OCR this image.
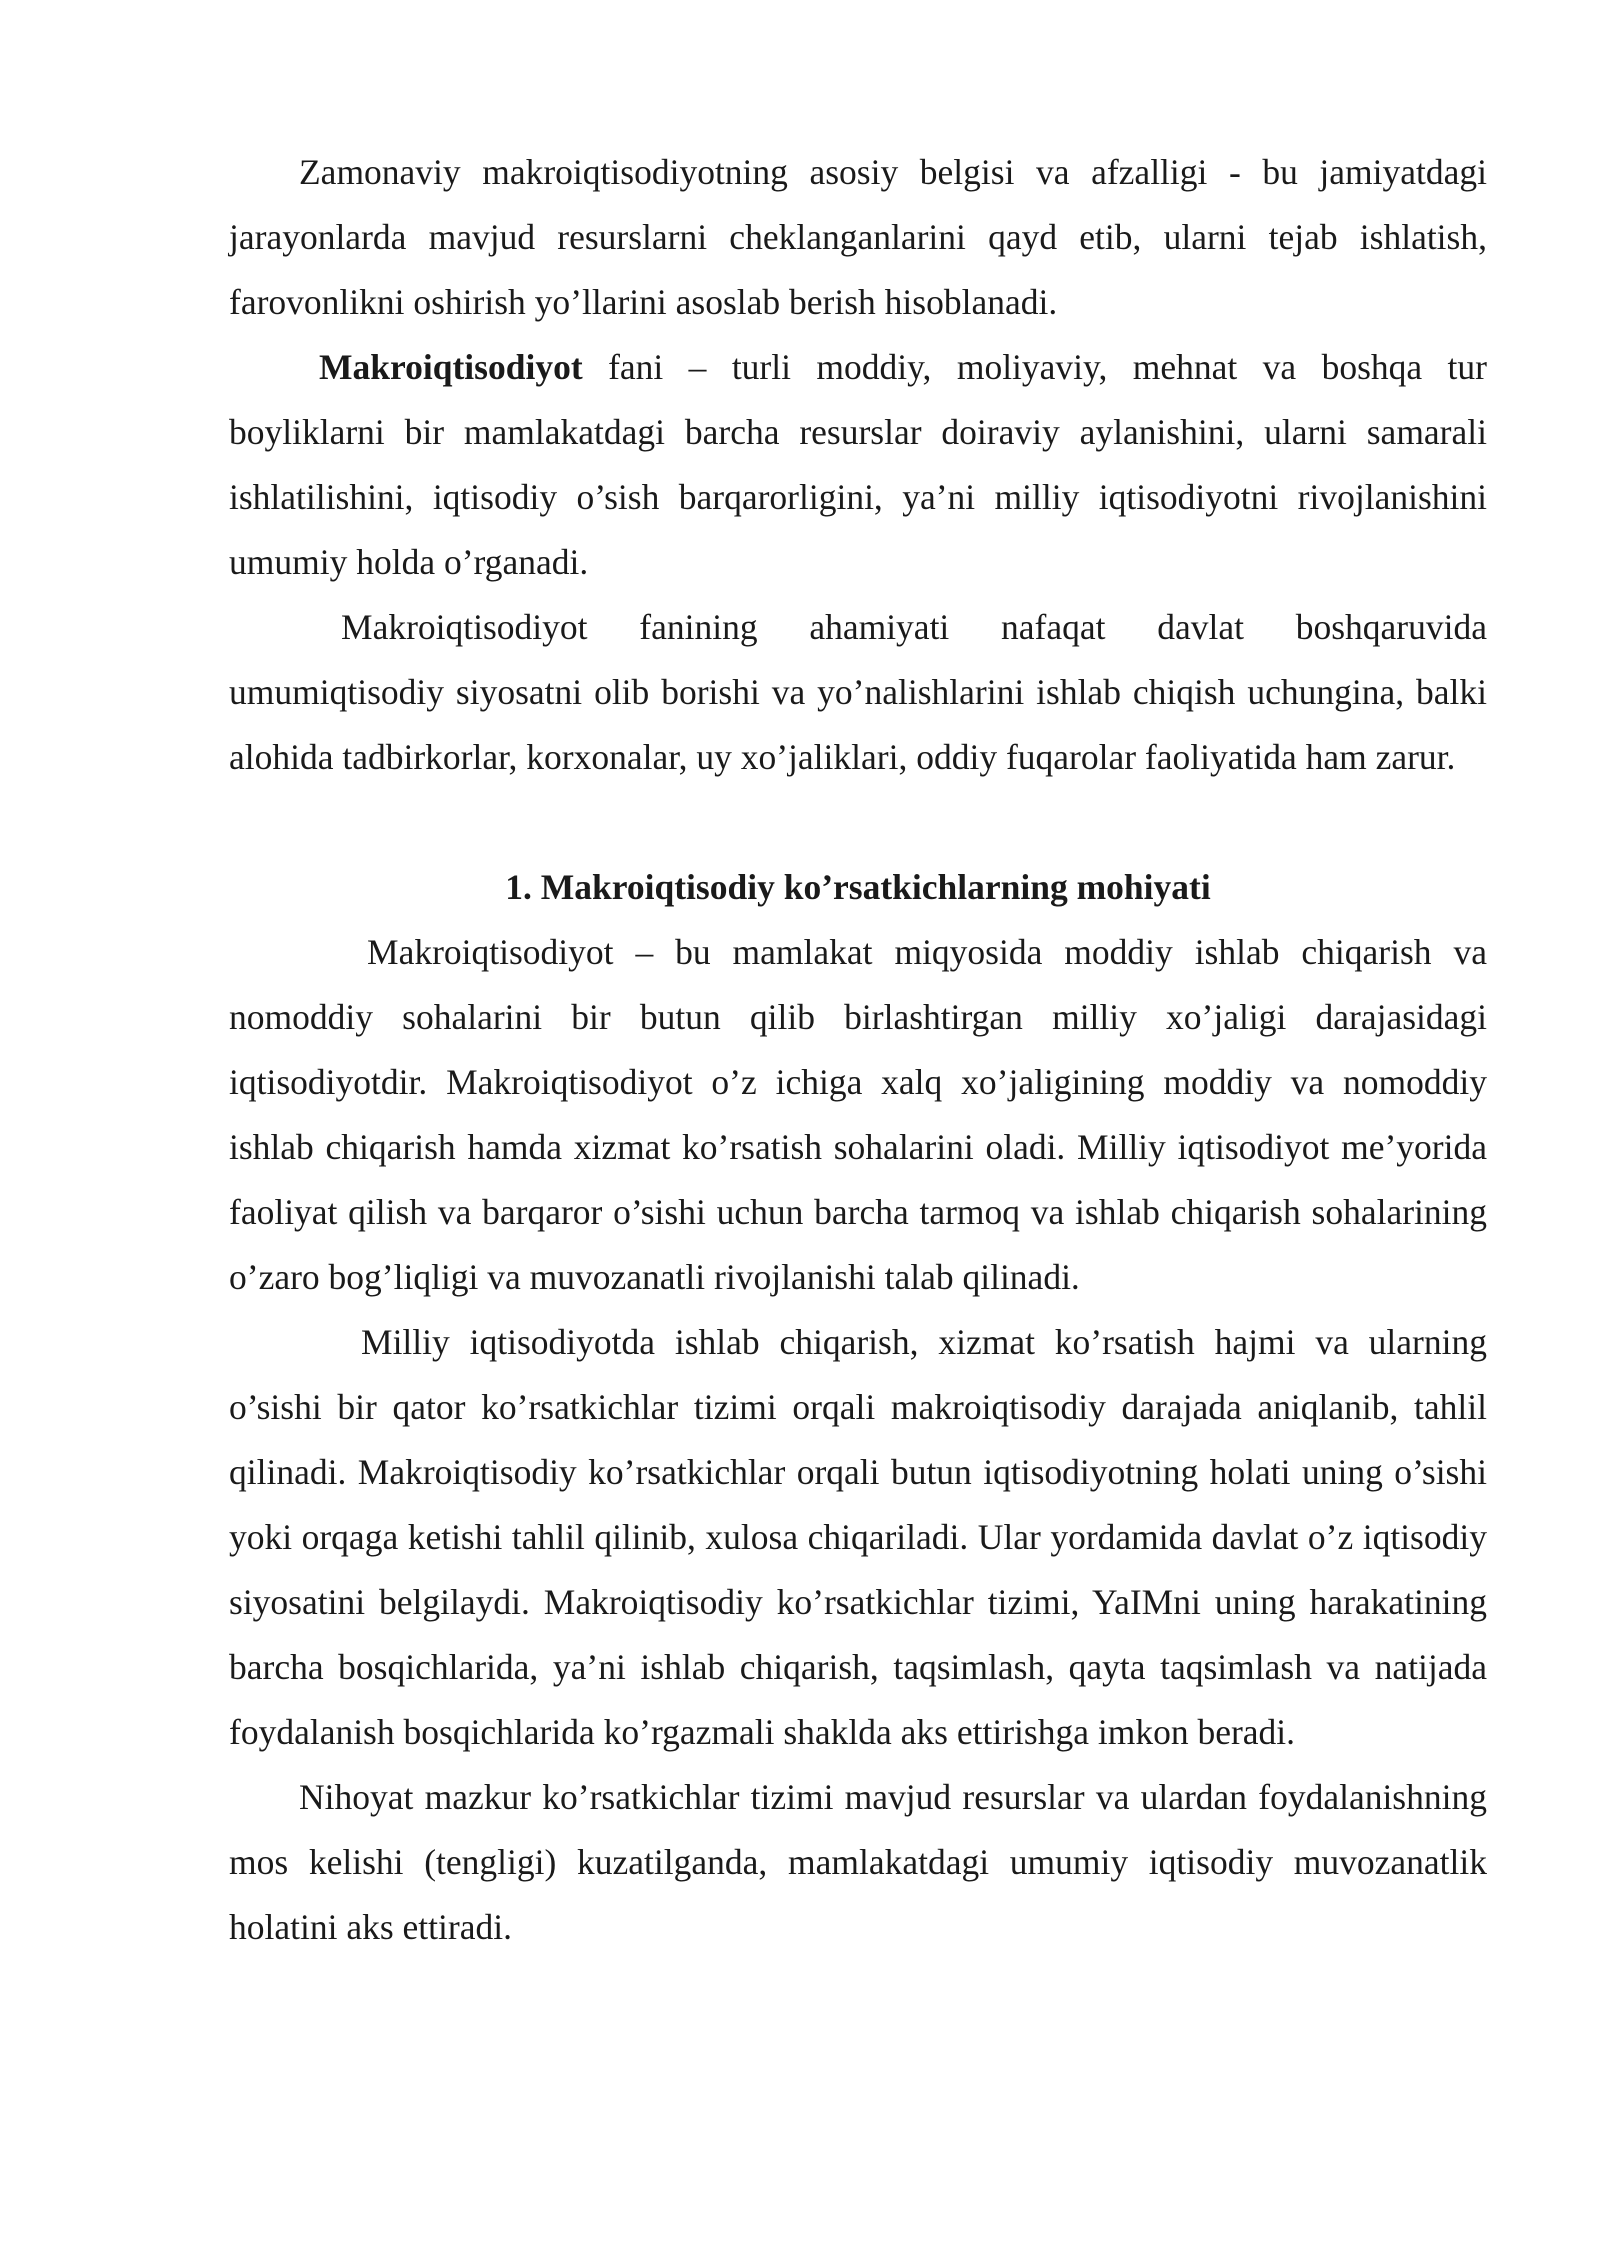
Zamonaviy makroiqtisodiyotning asosiy belgisi va afzalligi - bu jamiyatdagi jarayonlarda mavjud resurslarni cheklanganlarini qayd etib, ularni tejab ishlatish, farovonlikni oshirish yo’llarini asoslab berish hisoblanadi.

Makroiqtisodiyot fani – turli moddiy, moliyaviy, mehnat va boshqa tur boyliklarni bir mamlakatdagi barcha resurslar doiraviy aylanishini, ularni samarali ishlatilishini, iqtisodiy o’sish barqarorligini, ya’ni milliy iqtisodiyotni rivojlanishini umumiy holda o’rganadi.

Makroiqtisodiyot fanining ahamiyati nafaqat davlat boshqaruvida umumiqtisodiy siyosatni olib borishi va yo’nalishlarini ishlab chiqish uchungina, balki alohida tadbirkorlar, korxonalar, uy xo’jaliklari, oddiy fuqarolar faoliyatida ham zarur.

1. Makroiqtisodiy ko’rsatkichlarning mohiyati

Makroiqtisodiyot – bu mamlakat miqyosida moddiy ishlab chiqarish va nomoddiy sohalarini bir butun qilib birlashtirgan milliy xo’jaligi darajasidagi iqtisodiyotdir. Makroiqtisodiyot o’z ichiga xalq xo’jaligining moddiy va nomoddiy ishlab chiqarish hamda xizmat ko’rsatish sohalarini oladi. Milliy iqtisodiyot me’yorida faoliyat qilish va barqaror o’sishi uchun barcha tarmoq va ishlab chiqarish sohalarining o’zaro bog’liqligi va muvozanatli rivojlanishi talab qilinadi.

Milliy iqtisodiyotda ishlab chiqarish, xizmat ko’rsatish hajmi va ularning o’sishi bir qator ko’rsatkichlar tizimi orqali makroiqtisodiy darajada aniqlanib, tahlil qilinadi. Makroiqtisodiy ko’rsatkichlar orqali butun iqtisodiyotning holati uning o’sishi yoki orqaga ketishi tahlil qilinib, xulosa chiqariladi. Ular yordamida davlat o’z iqtisodiy siyosatini belgilaydi. Makroiqtisodiy ko’rsatkichlar tizimi, YaIMni uning harakatining barcha bosqichlarida, ya’ni ishlab chiqarish, taqsimlash, qayta taqsimlash va natijada foydalanish bosqichlarida ko’rgazmali shaklda aks ettirishga imkon beradi.

Nihoyat mazkur ko’rsatkichlar tizimi mavjud resurslar va ulardan foydalanishning mos kelishi (tengligi) kuzatilganda, mamlakatdagi umumiy iqtisodiy muvozanatlik holatini aks ettiradi.
